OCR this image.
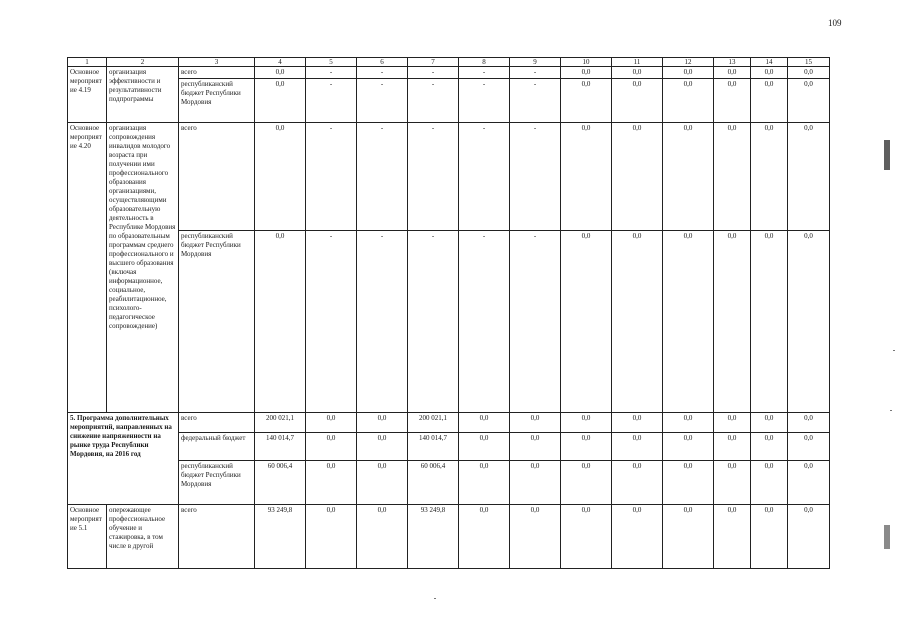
109
1	2	3	4	5	6	7	8	9	10	11	12	13	14	15
Основное мероприятие 4.19	организация эффективности и результативности подпрограммы	всего	0,0	-	-	-	-	-	0,0	0,0	0,0	0,0	0,0	0,0
		республиканский бюджет Республики Мордовия	0,0	-	-	-	-	-	0,0	0,0	0,0	0,0	0,0	0,0
Основное мероприятие 4.20	организация сопровождения инвалидов молодого возраста при получении ими профессионального образования организациями, осуществляющими образовательную деятельность в Республике Мордовия по образовательным программам среднего профессионального и высшего образования (включая информационное, социальное, реабилитационное, психолого-педагогическое сопровождение)	всего	0,0	-	-	-	-	-	0,0	0,0	0,0	0,0	0,0	0,0
		республиканский бюджет Республики Мордовия	0,0	-	-	-	-	-	0,0	0,0	0,0	0,0	0,0	0,0
5. Программа дополнительных мероприятий, направленных на снижение напряженности на рынке труда Республики Мордовия, на 2016 год		всего	200 021,1	0,0	0,0	200 021,1	0,0	0,0	0,0	0,0	0,0	0,0	0,0	0,0
		федеральный бюджет	140 014,7	0,0	0,0	140 014,7	0,0	0,0	0,0	0,0	0,0	0,0	0,0	0,0
		республиканский бюджет Республики Мордовия	60 006,4	0,0	0,0	60 006,4	0,0	0,0	0,0	0,0	0,0	0,0	0,0	0,0
Основное мероприятие 5.1	опережающее профессиональное обучение и стажировка, в том числе в другой	всего	93 249,8	0,0	0,0	93 249,8	0,0	0,0	0,0	0,0	0,0	0,0	0,0	0,0
